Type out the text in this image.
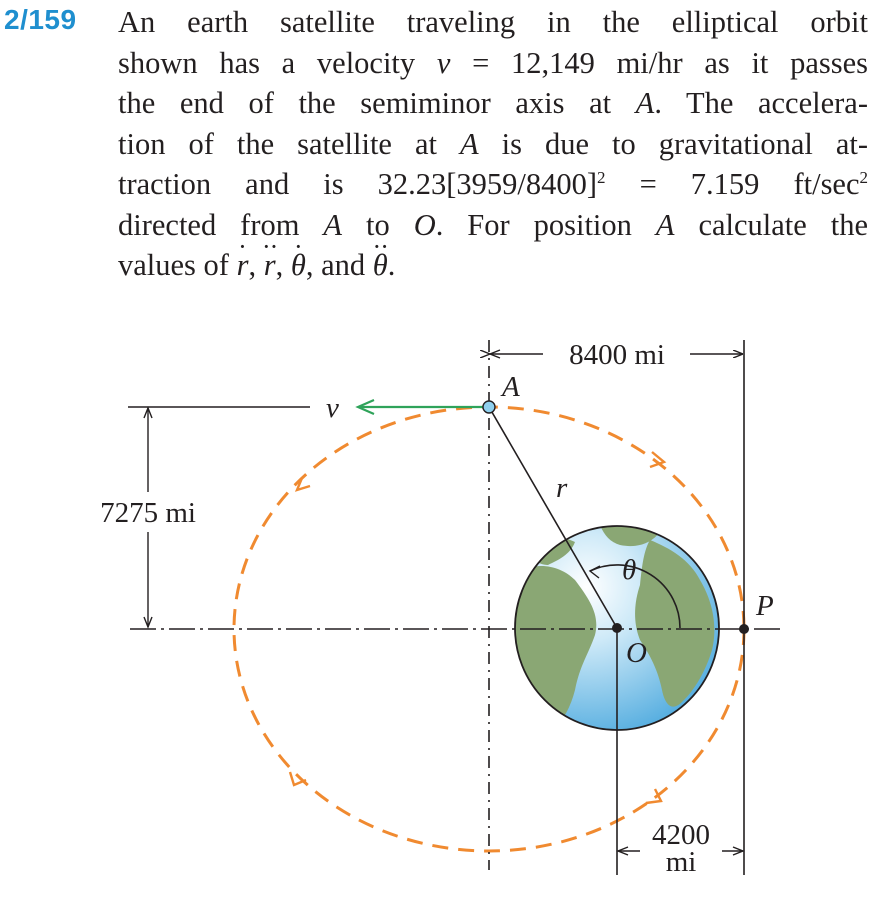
2/159 An earth satellite traveling in the elliptical orbit
shown has a velocity v = 12,149 mi/hr as it passes
the end of the semiminor axis at A. The accelera-
tion of the satellite at A is due to gravitational at-
traction and is $32.23[3959/8400]^2 = 7.159$ $ft/\sec^2$
directed from A to O. For position A calculate the
values of · r, ·· r, · θ, and ·· θ.
8400 mi
7275 mi
4200
mi
r
θ
v
A
O
P
